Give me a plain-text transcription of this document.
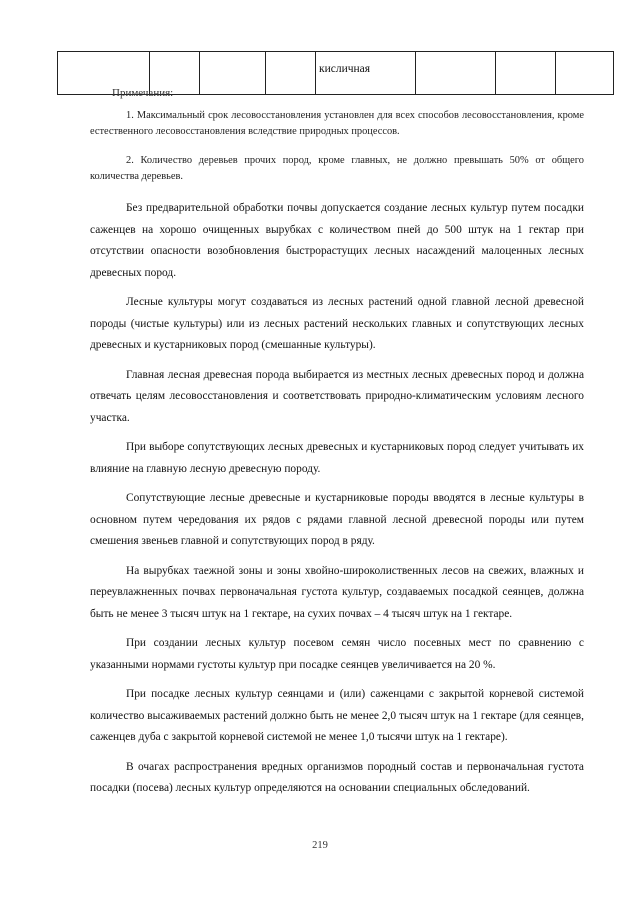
				кисличная			
Примечания:

1. Максимальный срок лесовосстановления установлен для всех способов лесовосстановления, кроме естественного лесовосстановления вследствие природных процессов.

2. Количество деревьев прочих пород, кроме главных, не должно превышать 50% от общего количества деревьев.

Без предварительной обработки почвы допускается создание лесных культур путем посадки саженцев на хорошо очищенных вырубках с количеством пней до 500 штук на 1 гектар при отсутствии опасности возобновления быстрорастущих лесных насаждений малоценных лесных древесных пород.

Лесные культуры могут создаваться из лесных растений одной главной лесной древесной породы (чистые культуры) или из лесных растений нескольких главных и сопутствующих лесных древесных и кустарниковых пород (смешанные культуры).

Главная лесная древесная порода выбирается из местных лесных древесных пород и должна отвечать целям лесовосстановления и соответствовать природно-климатическим условиям лесного участка.

При выборе сопутствующих лесных древесных и кустарниковых пород следует учитывать их влияние на главную лесную древесную породу.

Сопутствующие лесные древесные и кустарниковые породы вводятся в лесные культуры в основном путем чередования их рядов с рядами главной лесной древесной породы или путем смешения звеньев главной и сопутствующих пород в ряду.

На вырубках таежной зоны и зоны хвойно-широколиственных лесов на свежих, влажных и переувлажненных почвах первоначальная густота культур, создаваемых посадкой сеянцев, должна быть не менее 3 тысяч штук на 1 гектаре, на сухих почвах – 4 тысяч штук на 1 гектаре.

При создании лесных культур посевом семян число посевных мест по сравнению с указанными нормами густоты культур при посадке сеянцев увеличивается на 20 %.

При посадке лесных культур сеянцами и (или) саженцами с закрытой корневой системой количество высаживаемых растений должно быть не менее 2,0 тысяч штук на 1 гектаре (для сеянцев, саженцев дуба с закрытой корневой системой не менее 1,0 тысячи штук на 1 гектаре).

В очагах распространения вредных организмов породный состав и первоначальная густота посадки (посева) лесных культур определяются на основании специальных обследований.

219
